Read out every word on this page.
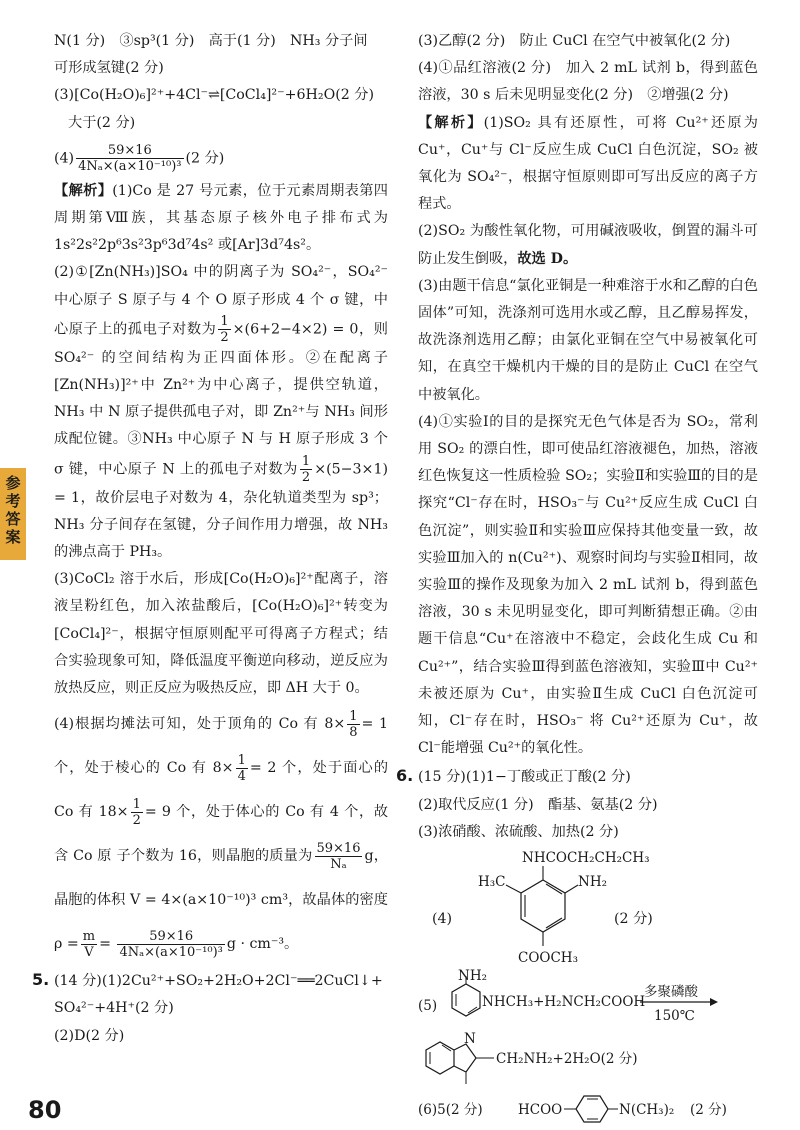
参考答案
80

N(1 分)　③sp³(1 分)　高于(1 分)　NH₃ 分子间

可形成氢键(2 分)

(3)[Co(H₂O)₆]²⁺+4Cl⁻⇌[CoCl₄]²⁻+6H₂O(2 分)

大于(2 分)

$(4) \frac{59\times 16}{\text{4Nₐ×(a×10⁻¹⁰)³}} (2$ 分)

【解析】(1)Co 是 27 号元素，位于元素周期表第四周期第Ⅷ族，其基态原子核外电子排布式为 1s²2s²2p⁶3s²3p⁶3d⁷4s² 或[Ar]3d⁷4s²。

(2)①[Zn(NH₃)]SO₄ 中的阴离子为 SO₄²⁻，SO₄²⁻ 中心原子 S 原子与 4 个 O 原子形成 4 个 σ 键，中心原子上的孤电子对数为 $\frac{1}{2} \times(6+2-4\times 2) = 0$，则 SO₄²⁻ 的空间结构为正四面体形。②在配离子[Zn(NH₃)]²⁺中 Zn²⁺为中心离子，提供空轨道，NH₃ 中 N 原子提供孤电子对，即 Zn²⁺与 NH₃ 间形成配位键。③NH₃ 中心原子 N 与 H 原子形成 3 个 σ 键，中心原子 N 上的孤电子对数为 $\frac{1}{2} \times(5-3\times 1) = 1$，故价层电子对数为 4，杂化轨道类型为 sp³；NH₃ 分子间存在氢键，分子间作用力增强，故 NH₃ 的沸点高于 PH₃。

(3)CoCl₂ 溶于水后，形成[Co(H₂O)₆]²⁺配离子，溶液呈粉红色，加入浓盐酸后，[Co(H₂O)₆]²⁺转变为[CoCl₄]²⁻，根据守恒原则配平可得离子方程式；结合实验现象可知，降低温度平衡逆向移动，逆反应为放热反应，则正反应为吸热反应，即 ΔH 大于 0。

(4)根据均摊法可知，处于顶角的 Co 有 $8\times \frac{1}{8} = 1$ 个，处于棱心的 Co 有 $8\times \frac{1}{4} = 2$ 个，处于面心的 Co 有 $18\times \frac{1}{2} = 9$ 个，处于体心的 Co 有 4 个，故含 Co 原 子个数为 16，则晶胞的质量为 $\frac{59\times 16}{\text{Nₐ}}$ g，晶胞的体积 V = 4×(a×10⁻¹⁰)³ cm³，故晶体的密度 $\rho = \frac{m}{V} = \frac{59\times 16}{\text{4Nₐ×(a×10⁻¹⁰)³}}$ g · cm⁻³。

5. (14 分)(1)2Cu²⁺+SO₂+2H₂O+2Cl⁻══2CuCl↓+

SO₄²⁻+4H⁺(2 分)

(2)D(2 分)

(3)乙醇(2 分)　防止 CuCl 在空气中被氧化(2 分)

(4)①品红溶液(2 分)　加入 2 mL 试剂 b，得到蓝色溶液，30 s 后未见明显变化(2 分)　②增强(2 分)

【解析】(1)SO₂ 具有还原性，可将 Cu²⁺还原为 Cu⁺，Cu⁺与 Cl⁻反应生成 CuCl 白色沉淀，SO₂ 被氧化为 SO₄²⁻，根据守恒原则即可写出反应的离子方程式。

(2)SO₂ 为酸性氧化物，可用碱液吸收，倒置的漏斗可防止发生倒吸，故选 D。

(3)由题干信息“氯化亚铜是一种难溶于水和乙醇的白色固体”可知，洗涤剂可选用水或乙醇，且乙醇易挥发，故洗涤剂选用乙醇；由氯化亚铜在空气中易被氧化可知，在真空干燥机内干燥的目的是防止 CuCl 在空气中被氧化。

(4)①实验Ⅰ的目的是探究无色气体是否为 SO₂，常利用 SO₂ 的漂白性，即可使品红溶液褪色，加热，溶液红色恢复这一性质检验 SO₂；实验Ⅱ和实验Ⅲ的目的是探究“Cl⁻存在时，HSO₃⁻与 Cu²⁺反应生成 CuCl 白色沉淀”，则实验Ⅱ和实验Ⅲ应保持其他变量一致，故实验Ⅲ加入的 n(Cu²⁺)、观察时间均与实验Ⅱ相同，故实验Ⅲ的操作及现象为加入 2 mL 试剂 b，得到蓝色溶液，30 s 未见明显变化，即可判断猜想正确。②由题干信息“Cu⁺在溶液中不稳定，会歧化生成 Cu 和 Cu²⁺”，结合实验Ⅲ得到蓝色溶液知，实验Ⅲ中 Cu²⁺未被还原为 Cu⁺，由实验Ⅱ生成 CuCl 白色沉淀可知，Cl⁻存在时，HSO₃⁻ 将 Cu²⁺还原为 Cu⁺，故 Cl⁻能增强 Cu²⁺的氧化性。

6. (15 分)(1)1−丁酸或正丁酸(2 分)

(2)取代反应(1 分)　酯基、氨基(2 分)

(3)浓硝酸、浓硫酸、加热(2 分)

(4)
NHCOCH₂CH₂CH₃
H₃C	NH₂
COOCH₃
(2 分)
(5)
NH₂
NHCH₃+H₂NCH₂COOH
多聚磷酸
150℃
N
CH₂NH₂+2H₂O(2 分)
(6)5(2 分)	HCOO	N(CH₃)₂ (2 分)
